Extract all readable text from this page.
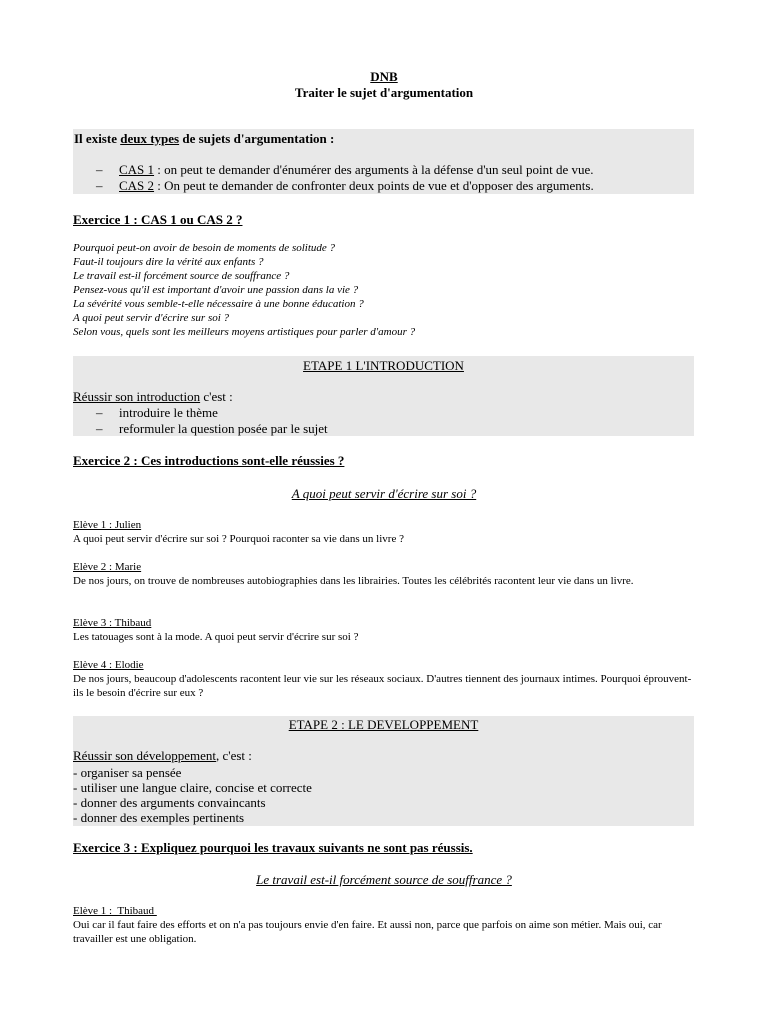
DNB
Traiter le sujet d'argumentation
Il existe deux types de sujets d'argumentation :
– CAS 1 : on peut te demander d'énumérer des arguments à la défense d'un seul point de vue.
– CAS 2 : On peut te demander de confronter deux points de vue et d'opposer des arguments.
Exercice 1 : CAS 1 ou CAS 2 ?
Pourquoi peut-on avoir de besoin de moments de solitude ?
Faut-il toujours dire la vérité aux enfants ?
Le travail est-il forcément source de souffrance ?
Pensez-vous qu'il est important d'avoir une passion dans la vie ?
La sévérité vous semble-t-elle nécessaire à une bonne éducation ?
A quoi peut servir d'écrire sur soi ?
Selon vous, quels sont les meilleurs moyens artistiques pour parler d'amour ?
ETAPE 1 L'INTRODUCTION
Réussir son introduction c'est :
– introduire le thème
– reformuler la question posée par le sujet
Exercice 2 : Ces introductions sont-elle réussies ?
A quoi peut servir d'écrire sur soi ?
Elève 1 : Julien
A quoi peut servir d'écrire sur soi ? Pourquoi raconter sa vie dans un livre ?
Elève 2 : Marie
De nos jours, on trouve de nombreuses autobiographies dans les librairies. Toutes les célébrités racontent leur vie dans un livre.
Elève 3 : Thibaud
Les tatouages sont à la mode. A quoi peut servir d'écrire sur soi ?
Elève 4 : Elodie
De nos jours, beaucoup d'adolescents racontent leur vie sur les réseaux sociaux. D'autres tiennent des journaux intimes. Pourquoi éprouvent-ils le besoin d'écrire sur eux ?
ETAPE 2 : LE DEVELOPPEMENT
Réussir son développement, c'est :
- organiser sa pensée
- utiliser une langue claire, concise et correcte
- donner des arguments convaincants
- donner des exemples pertinents
Exercice 3 : Expliquez pourquoi les travaux suivants ne sont pas réussis.
Le travail est-il forcément source de souffrance ?
Elève 1 :  Thibaud
Oui car il faut faire des efforts et on n'a pas toujours envie d'en faire. Et aussi non, parce que parfois on aime son métier. Mais oui, car travailler est une obligation.
